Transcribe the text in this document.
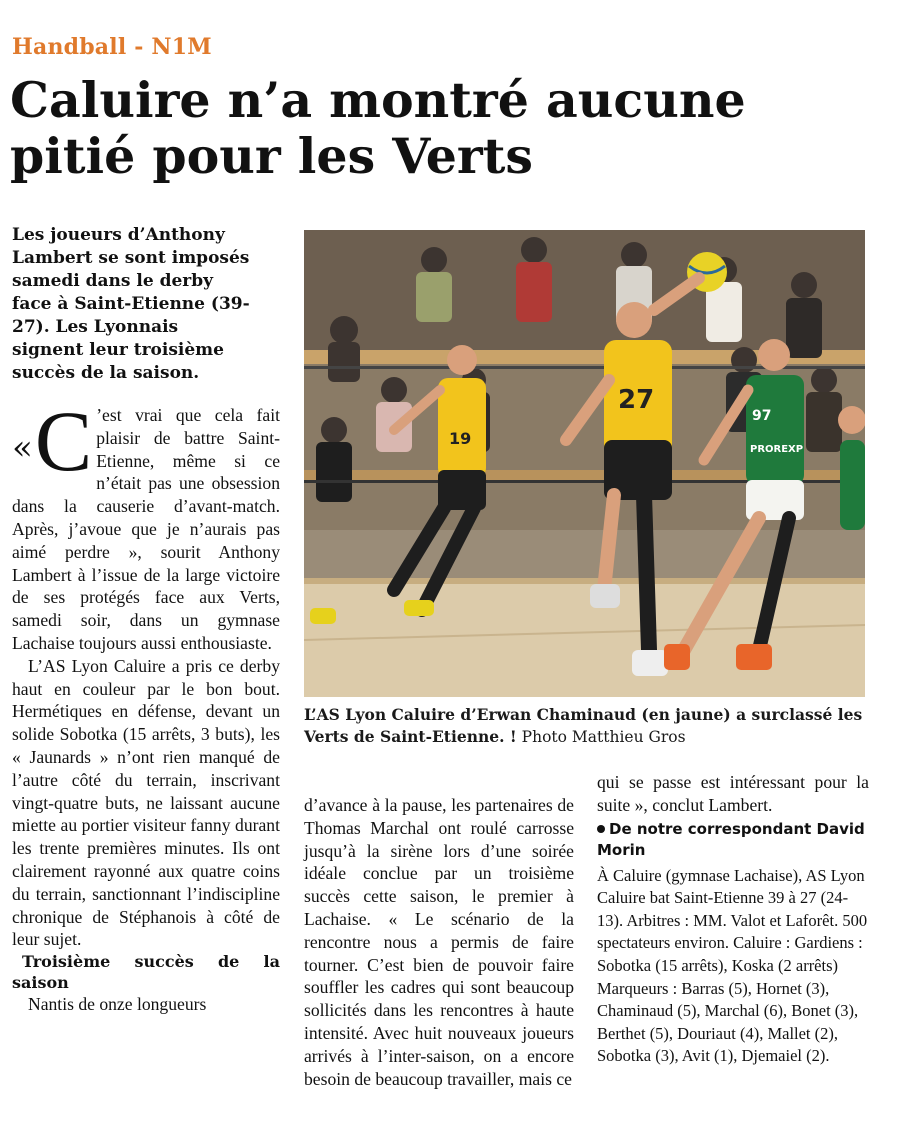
Handball - N1M
Caluire n’a montré aucune pitié pour les Verts
Les joueurs d’Anthony Lambert se sont imposés samedi dans le derby face à Saint-Etienne (39-27). Les Lyonnais signent leur troisième succès de la saison.
« C ’est vrai que cela fait plaisir de battre Saint-Etienne, même si ce n’était pas une obsession dans la causerie d’avant-match. Après, j’avoue que je n’aurais pas aimé perdre », sourit Anthony Lambert à l’issue de la large victoire de ses protégés face aux Verts, samedi soir, dans un gymnase Lachaise toujours aussi enthousiaste.

L’AS Lyon Caluire a pris ce derby haut en couleur par le bon bout. Hermétiques en défense, devant un solide Sobotka (15 arrêts, 3 buts), les « Jaunards » n’ont rien manqué de l’autre côté du terrain, inscrivant vingt-quatre buts, ne laissant aucune miette au portier visiteur fanny durant les trente premières minutes. Ils ont clairement rayonné aux quatre coins du terrain, sanctionnant l’indiscipline chronique de Stéphanois à côté de leur sujet.

Troisième succès de la saison

Nantis de onze longueurs

19
27
97
PROREXP
L’AS Lyon Caluire d’Erwan Chaminaud (en jaune) a surclassé les Verts de Saint-Etienne. ! Photo Matthieu Gros

d’avance à la pause, les partenaires de Thomas Marchal ont roulé carrosse jusqu’à la sirène lors d’une soirée idéale conclue par un troisième succès cette saison, le premier à Lachaise. « Le scénario de la rencontre nous a permis de faire tourner. C’est bien de pouvoir faire souffler les cadres qui sont beaucoup sollicités dans les rencontres à haute intensité. Avec huit nouveaux joueurs arrivés à l’inter-saison, on a encore besoin de beaucoup travailler, mais ce

qui se passe est intéressant pour la suite », conclut Lambert.

De notre correspondant David Morin

À Caluire (gymnase Lachaise), AS Lyon Caluire bat Saint-Etienne 39 à 27 (24-13). Arbitres : MM. Valot et Laforêt. 500 spectateurs environ. Caluire : Gardiens : Sobotka (15 arrêts), Koska (2 arrêts) Marqueurs : Barras (5), Hornet (3), Chaminaud (5), Marchal (6), Bonet (3), Berthet (5), Douriaut (4), Mallet (2), Sobotka (3), Avit (1), Djemaiel (2).
